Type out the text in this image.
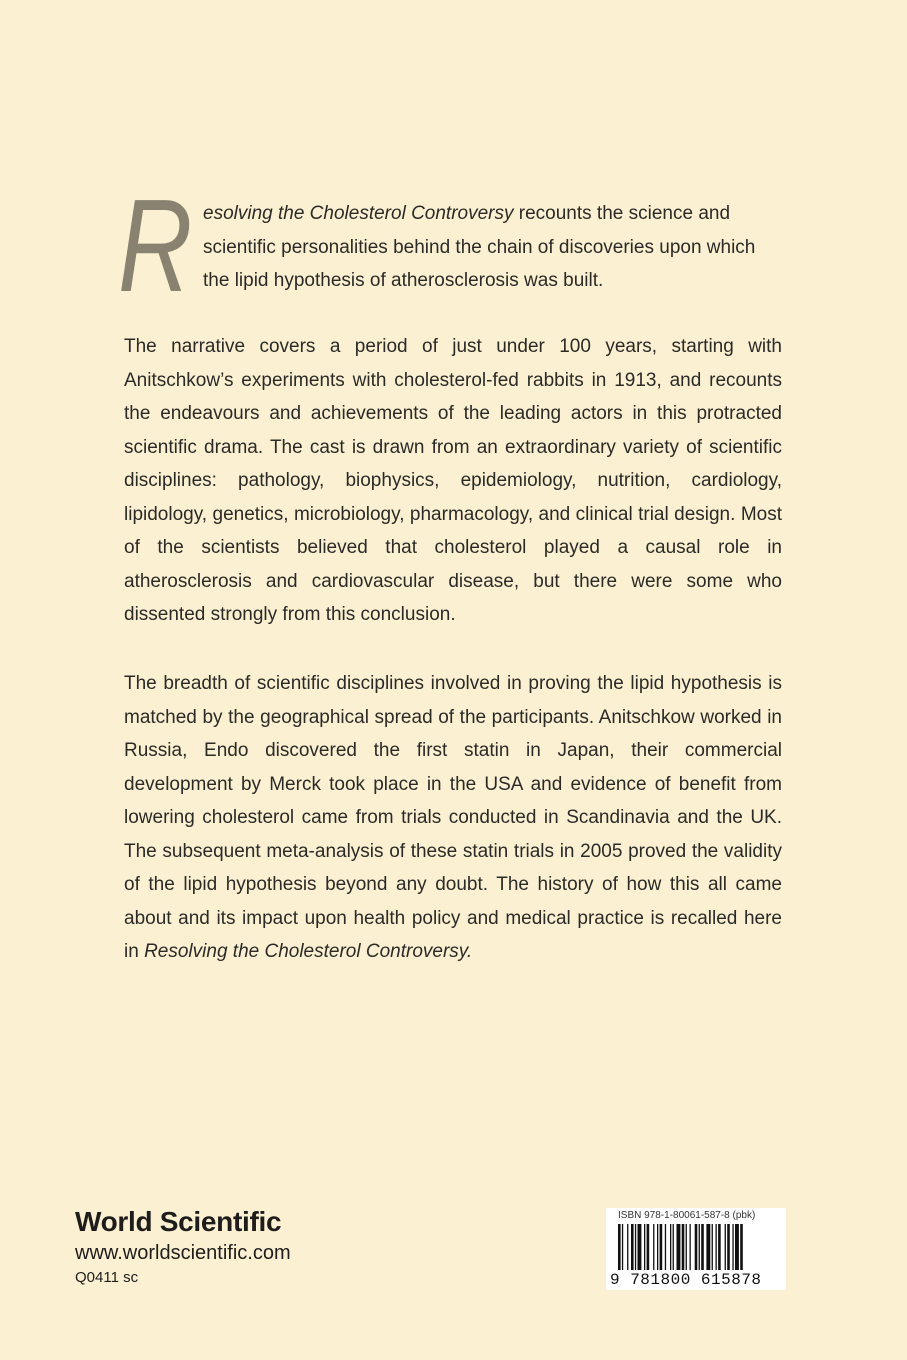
R esolving the Cholesterol Controversy recounts the science and scientific personalities behind the chain of discoveries upon which the lipid hypothesis of atherosclerosis was built.
The narrative covers a period of just under 100 years, starting with Anitschkow’s experiments with cholesterol-fed rabbits in 1913, and recounts the endeavours and achievements of the leading actors in this protracted scientific drama. The cast is drawn from an extraordinary variety of scientific disciplines: pathology, biophysics, epidemiology, nutrition, cardiology, lipidology, genetics, microbiology, pharmacology, and clinical trial design. Most of the scientists believed that cholesterol played a causal role in atherosclerosis and cardiovascular disease, but there were some who dissented strongly from this conclusion.
The breadth of scientific disciplines involved in proving the lipid hypothesis is matched by the geographical spread of the participants. Anitschkow worked in Russia, Endo discovered the first statin in Japan, their commercial development by Merck took place in the USA and evidence of benefit from lowering cholesterol came from trials conducted in Scandinavia and the UK. The subsequent meta-analysis of these statin trials in 2005 proved the validity of the lipid hypothesis beyond any doubt. The history of how this all came about and its impact upon health policy and medical practice is recalled here in Resolving the Cholesterol Controversy.
World Scientific
www.worldscientific.com
Q0411 sc
ISBN 978-1-80061-587-8 (pbk)
9 781800 615878
